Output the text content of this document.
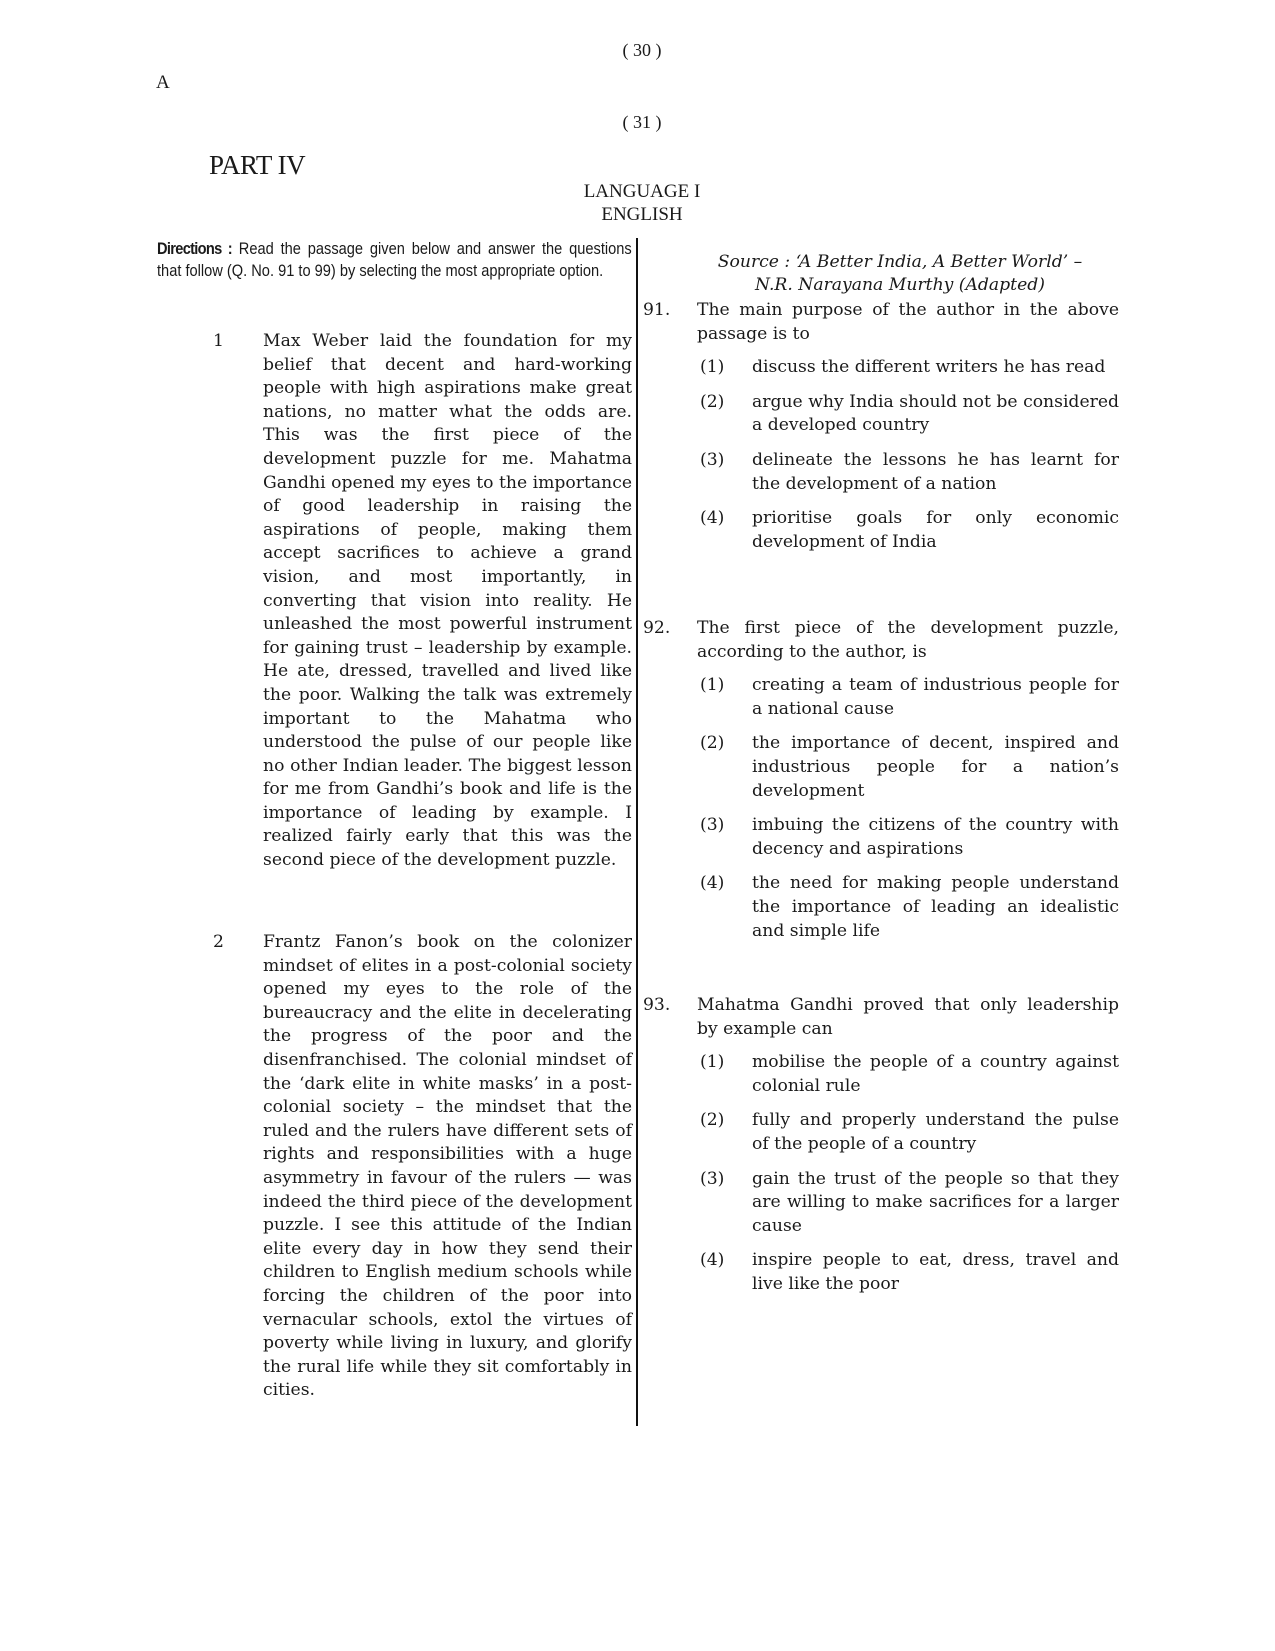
( 30 )
A
( 31 )
PART IV
LANGUAGE I
ENGLISH
Directions : Read the passage given below and answer the questions that follow (Q. No. 91 to 99) by selecting the most appropriate option.
1 Max Weber laid the foundation for my belief that decent and hard-working people with high aspirations make great nations, no matter what the odds are. This was the first piece of the development puzzle for me. Mahatma Gandhi opened my eyes to the importance of good leadership in raising the aspirations of people, making them accept sacrifices to achieve a grand vision, and most importantly, in converting that vision into reality. He unleashed the most powerful instrument for gaining trust – leadership by example. He ate, dressed, travelled and lived like the poor. Walking the talk was extremely important to the Mahatma who understood the pulse of our people like no other Indian leader. The biggest lesson for me from Gandhi’s book and life is the importance of leading by example. I realized fairly early that this was the second piece of the development puzzle.
2 Frantz Fanon’s book on the colonizer mindset of elites in a post-colonial society opened my eyes to the role of the bureaucracy and the elite in decelerating the progress of the poor and the disenfranchised. The colonial mindset of the ‘dark elite in white masks’ in a post-colonial society – the mindset that the ruled and the rulers have different sets of rights and responsibilities with a huge asymmetry in favour of the rulers — was indeed the third piece of the development puzzle. I see this attitude of the Indian elite every day in how they send their children to English medium schools while forcing the children of the poor into vernacular schools, extol the virtues of poverty while living in luxury, and glorify the rural life while they sit comfortably in cities.
Source : ‘A Better India, A Better World’ –
N.R. Narayana Murthy (Adapted)
91. The main purpose of the author in the above passage is to
(1) discuss the different writers he has read
(2) argue why India should not be considered a developed country
(3) delineate the lessons he has learnt for the development of a nation
(4) prioritise goals for only economic development of India
92. The first piece of the development puzzle, according to the author, is
(1) creating a team of industrious people for a national cause
(2) the importance of decent, inspired and industrious people for a nation’s development
(3) imbuing the citizens of the country with decency and aspirations
(4) the need for making people understand the importance of leading an idealistic and simple life
93. Mahatma Gandhi proved that only leadership by example can
(1) mobilise the people of a country against colonial rule
(2) fully and properly understand the pulse of the people of a country
(3) gain the trust of the people so that they are willing to make sacrifices for a larger cause
(4) inspire people to eat, dress, travel and live like the poor
